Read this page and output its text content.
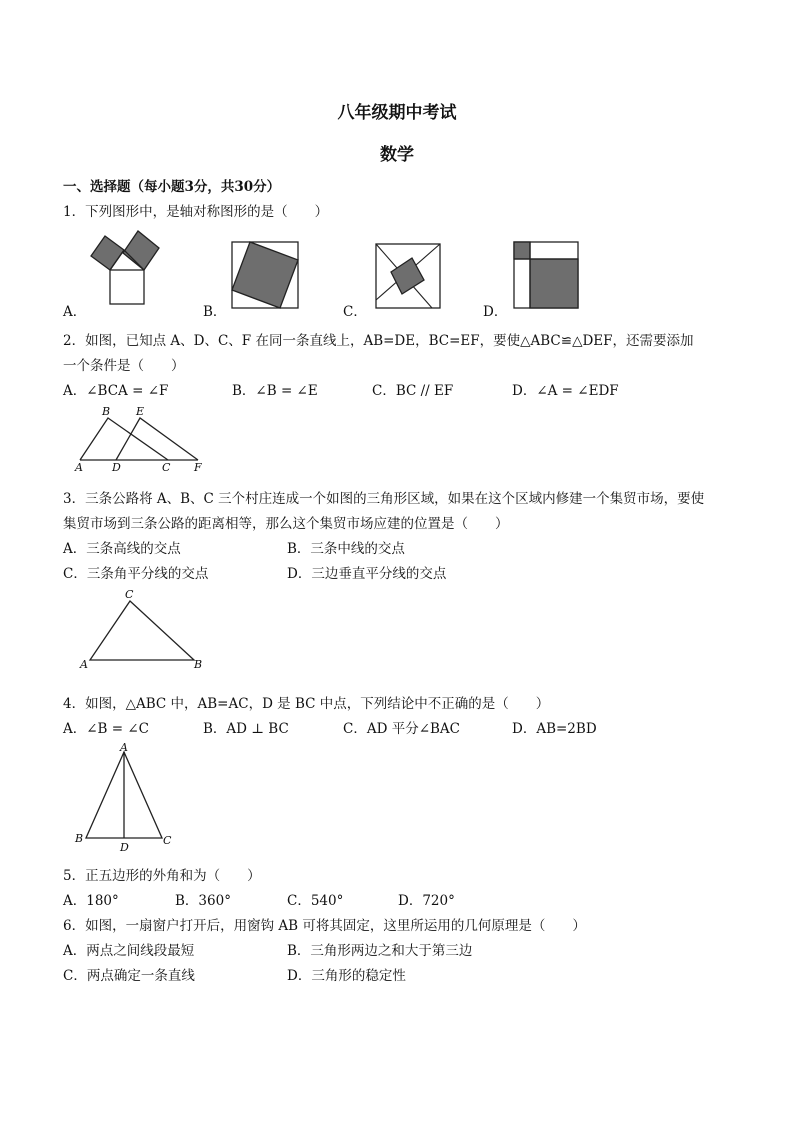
八年级期中考试
数学
一、选择题（每小题3分，共30分）
1．下列图形中，是轴对称图形的是（　　）
A．	B．	C．	D．
2．如图，已知点 A、D、C、F 在同一条直线上，AB=DE，BC=EF，要使△ABC≌△DEF，还需要添加
一个条件是（　　）
A．∠BCA = ∠F	B．∠B = ∠E	C．BC // EF	D．∠A = ∠EDF
B E
A	D	C F
3．三条公路将 A、B、C 三个村庄连成一个如图的三角形区域，如果在这个区域内修建一个集贸市场，要使
集贸市场到三条公路的距离相等，那么这个集贸市场应建的位置是（　　）
A．三条高线的交点	B．三条中线的交点
C．三条角平分线的交点	D．三边垂直平分线的交点
C
A	B
4．如图，△ABC 中，AB=AC，D 是 BC 中点，下列结论中不正确的是（　　）
A．∠B = ∠C	B．AD ⊥ BC	C．AD 平分∠BAC	D．AB=2BD
A
B
D
C
5．正五边形的外角和为（　　）
A．180°	B．360°	C．540°	D．720°
6．如图，一扇窗户打开后，用窗钩 AB 可将其固定，这里所运用的几何原理是（　　）
A．两点之间线段最短	B．三角形两边之和大于第三边
C．两点确定一条直线	D．三角形的稳定性
